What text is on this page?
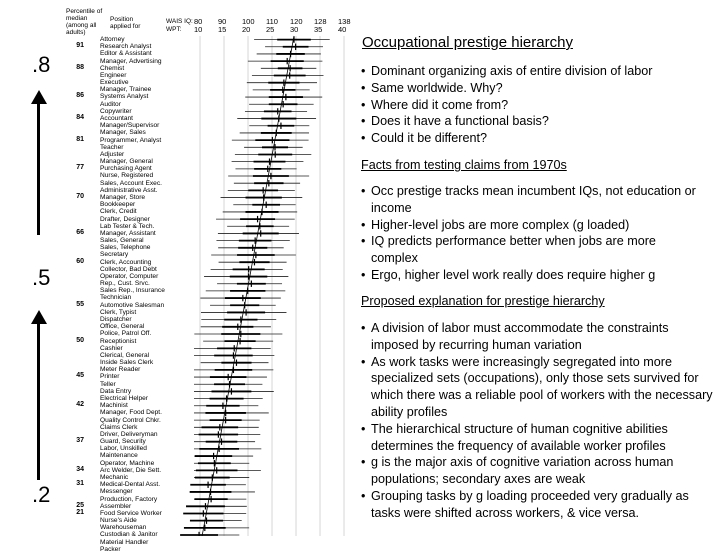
.8
.5
.2
Percentile of median (among all adults)
Position applied for
WAIS IQ:
WPT:
80 90 100 110 120 128 138
10 15 20 25 30 35 40
91
88
86
84
81
77
70
66
60
55
50
45
42
37
34
31
25
21
Attorney
Research Analyst
Editor & Assistant
Manager, Advertising
Chemist
Engineer
Executive
Manager, Trainee
Systems Analyst
Auditor
Copywriter
Accountant
Manager/Supervisor
Manager, Sales
Programmer, Analyst
Teacher
Adjuster
Manager, General
Purchasing Agent
Nurse, Registered
Sales, Account Exec.
Administrative Asst.
Manager, Store
Bookkeeper
Clerk, Credit
Drafter, Designer
Lab Tester & Tech.
Manager, Assistant
Sales, General
Sales, Telephone
Secretary
Clerk, Accounting
Collector, Bad Debt
Operator, Computer
Rep., Cust. Srvc.
Sales Rep., Insurance
Technician
Automotive Salesman
Clerk, Typist
Dispatcher
Office, General
Police, Patrol Off.
Receptionist
Cashier
Clerical, General
Inside Sales Clerk
Meter Reader
Printer
Teller
Data Entry
Electrical Helper
Machinist
Manager, Food Dept.
Quality Control Chkr.
Claims Clerk
Driver, Deliveryman
Guard, Security
Labor, Unskilled
Maintenance
Operator, Machine
Arc Welder, Die Sett.
Mechanic
Medical-Dental Asst.
Messenger
Production, Factory
Assembler
Food Service Worker
Nurse's Aide
Warehouseman
Custodian & Janitor
Material Handler
Packer
Occupational prestige hierarchy
• Dominant organizing axis of entire division of labor
• Same worldwide. Why?
• Where did it come from?
• Does it have a functional basis?
• Could it be different?
Facts from testing claims from 1970s
• Occ prestige tracks mean incumbent IQs, not education or income
• Higher-level jobs are more complex (g loaded)
• IQ predicts performance better when jobs are more complex
• Ergo, higher level work really does require higher g
Proposed explanation for prestige hierarchy
• A division of labor must accommodate the constraints imposed by recurring human variation
• As work tasks were increasingly segregated into more specialized sets (occupations), only those sets survived for which there was a reliable pool of workers with the necessary ability profiles
• The hierarchical structure of human cognitive abilities determines the frequency of available worker profiles
• g is the major axis of cognitive variation across human populations; secondary axes are weak
• Grouping tasks by g loading proceeded very gradually as tasks were shifted across workers, & vice versa.
